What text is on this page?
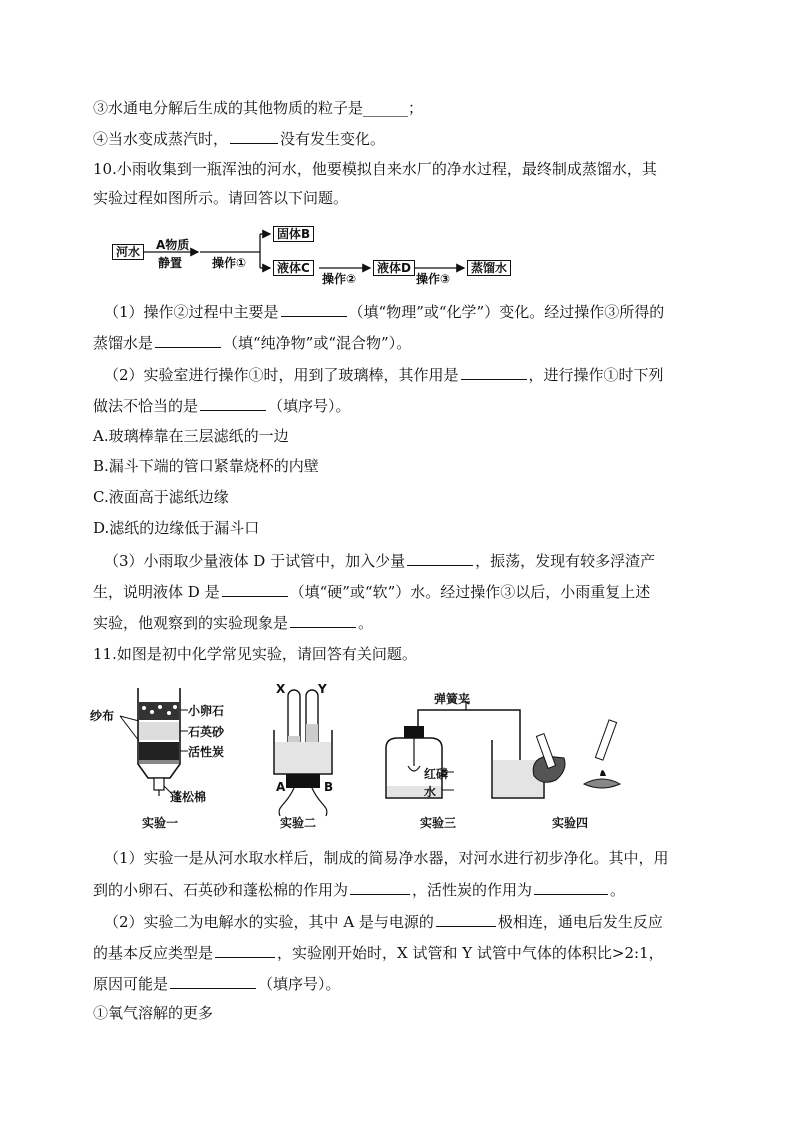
③水通电分解后生成的其他物质的粒子是______；
④当水变成蒸汽时，	没有发生变化。
10.小雨收集到一瓶浑浊的河水，他要模拟自来水厂的净水过程，最终制成蒸馏水，其
实验过程如图所示。请回答以下问题。
河水	A物质
静置 操作①
固体B
液体C
操作②
液体D
操作③
蒸馏水
（1）操作②过程中主要是	（填“物理”或“化学”）变化。经过操作③所得的
蒸馏水是	（填“纯净物”或“混合物”）。
（2）实验室进行操作①时，用到了玻璃棒，其作用是	，进行操作①时下列
做法不恰当的是	（填序号）。
A.玻璃棒靠在三层滤纸的一边
B.漏斗下端的管口紧靠烧杯的内壁
C.液面高于滤纸边缘
D.滤纸的边缘低于漏斗口
（3）小雨取少量液体 D 于试管中，加入少量	，振荡，发现有较多浮渣产
生，说明液体 D 是	（填“硬”或“软”）水。经过操作③以后，小雨重复上述
实验，他观察到的实验现象是	。
11.如图是初中化学常见实验，请回答有关问题。
纱布	小卵石
石英砂
活性炭
蓬松棉
实验一
X	Y
A	B
实验二
弹簧夹
红磷
水
实验三	实验四
（1）实验一是从河水取水样后，制成的简易净水器，对河水进行初步净化。其中，用
到的小卵石、石英砂和蓬松棉的作用为	，活性炭的作用为	。
（2）实验二为电解水的实验，其中 A 是与电源的	极相连，通电后发生反应
的基本反应类型是	，实验刚开始时，X 试管和 Y 试管中气体的体积比>2:1，
原因可能是	（填序号）。
①氧气溶解的更多
